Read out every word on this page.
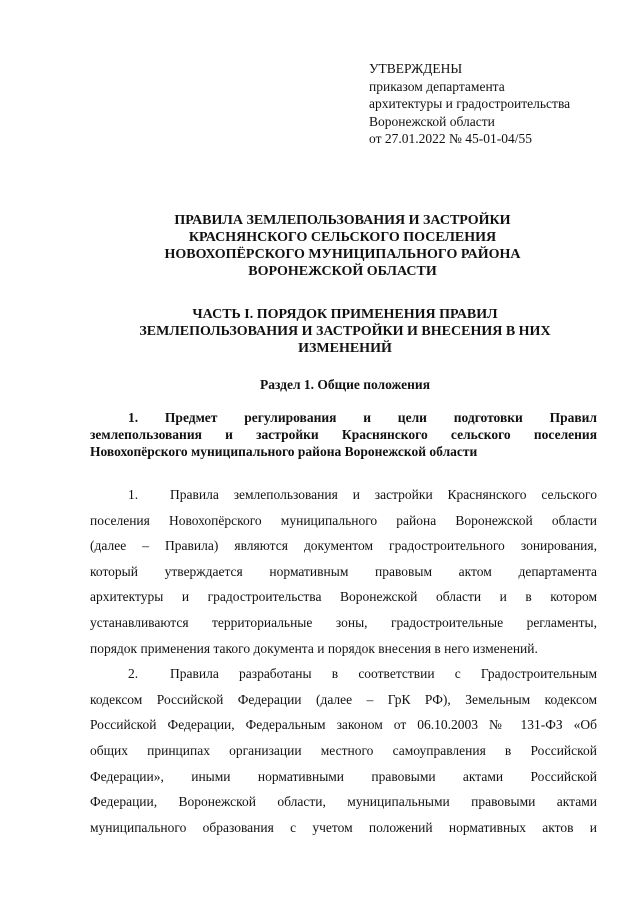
УТВЕРЖДЕНЫ
приказом департамента
архитектуры и градостроительства
Воронежской области
от 27.01.2022 № 45-01-04/55
ПРАВИЛА ЗЕМЛЕПОЛЬЗОВАНИЯ И ЗАСТРОЙКИ
КРАСНЯНСКОГО СЕЛЬСКОГО ПОСЕЛЕНИЯ
НОВОХОПЁРСКОГО МУНИЦИПАЛЬНОГО РАЙОНА
ВОРОНЕЖСКОЙ ОБЛАСТИ
ЧАСТЬ I. ПОРЯДОК ПРИМЕНЕНИЯ ПРАВИЛ
ЗЕМЛЕПОЛЬЗОВАНИЯ И ЗАСТРОЙКИ И ВНЕСЕНИЯ В НИХ
ИЗМЕНЕНИЙ
Раздел 1. Общие положения
1. Предмет регулирования и цели подготовки Правил
землепользования и застройки Краснянского сельского поселения
Новохопёрского муниципального района Воронежской области
1. Правила землепользования и застройки Краснянского сельского
поселения Новохопёрского муниципального района Воронежской области
(далее – Правила) являются документом градостроительного зонирования,
который утверждается нормативным правовым актом департамента
архитектуры и градостроительства Воронежской области и в котором
устанавливаются территориальные зоны, градостроительные регламенты,
порядок применения такого документа и порядок внесения в него изменений.
2. Правила разработаны в соответствии с Градостроительным
кодексом Российской Федерации (далее – ГрК РФ), Земельным кодексом
Российской Федерации, Федеральным законом от 06.10.2003 № 131-ФЗ «Об
общих принципах организации местного самоуправления в Российской
Федерации», иными нормативными правовыми актами Российской
Федерации, Воронежской области, муниципальными правовыми актами
муниципального образования с учетом положений нормативных актов и
